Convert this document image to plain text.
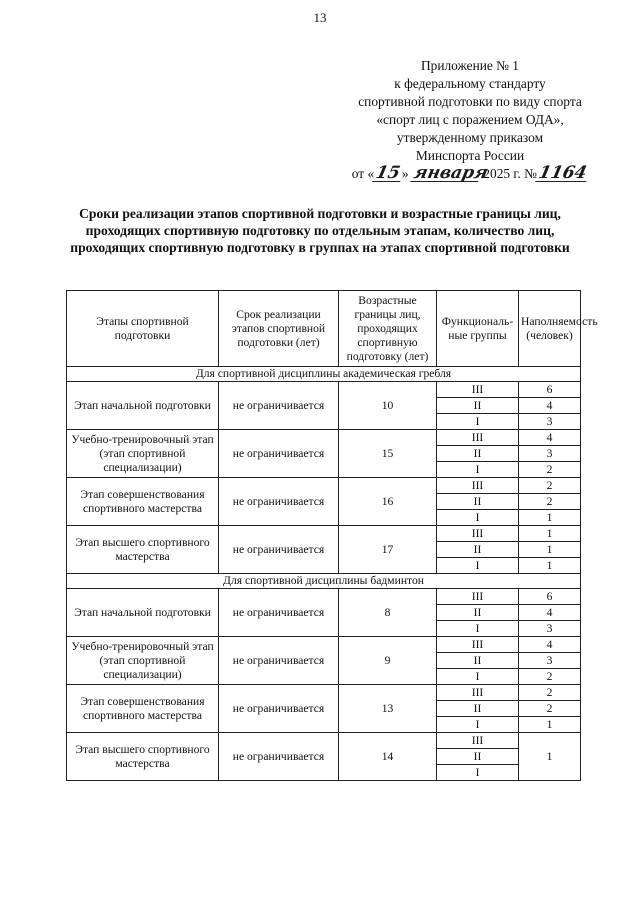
13
Приложение № 1
к федеральному стандарту
спортивной подготовки по виду спорта
«спорт лиц с поражением ОДА»,
утвержденному приказом
Минспорта России
от «15» января 2025 г. №1164
Сроки реализации этапов спортивной подготовки и возрастные границы лиц, проходящих спортивную подготовку по отдельным этапам, количество лиц, проходящих спортивную подготовку в группах на этапах спортивной подготовки
Этапы спортивной подготовки	Срок реализации этапов спортивной подготовки (лет)	Возрастные границы лиц, проходящих спортивную подготовку (лет)	Функциональ-ные группы	Наполняемость (человек)
Для спортивной дисциплины академическая гребля				
Этап начальной подготовки	не ограничивается	10	III	6
			II	4
			I	3
Учебно-тренировочный этап (этап спортивной специализации)	не ограничивается	15	III	4
			II	3
			I	2
Этап совершенствования спортивного мастерства	не ограничивается	16	III	2
			II	2
			I	1
Этап высшего спортивного мастерства	не ограничивается	17	III	1
			II	1
			I	1
Для спортивной дисциплины бадминтон				
Этап начальной подготовки	не ограничивается	8	III	6
			II	4
			I	3
Учебно-тренировочный этап (этап спортивной специализации)	не ограничивается	9	III	4
			II	3
			I	2
Этап совершенствования спортивного мастерства	не ограничивается	13	III	2
			II	2
			I	1
Этап высшего спортивного мастерства	не ограничивается	14	III	1
			II	
			I	
